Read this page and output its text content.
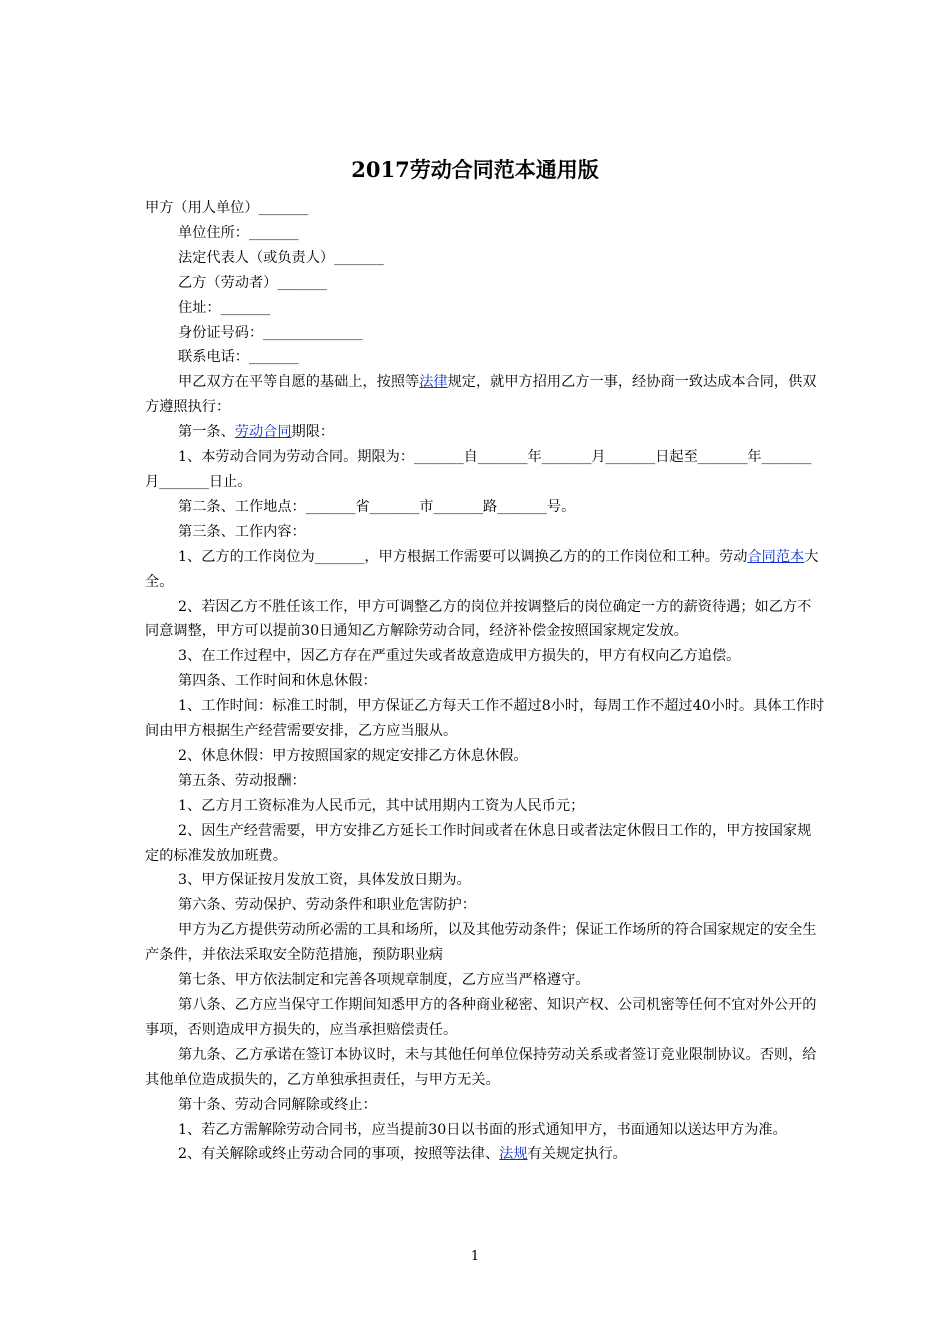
2017劳动合同范本通用版

甲方（用人单位）_______

单位住所：_______

法定代表人（或负责人）_______

乙方（劳动者）_______

住址：_______

身份证号码：______________

联系电话：_______

甲乙双方在平等自愿的基础上，按照等法律规定，就甲方招用乙方一事，经协商一致达成本合同，供双方遵照执行：

第一条、劳动合同期限：

1、本劳动合同为劳动合同。期限为：_______自_______年_______月_______日起至_______年_______月_______日止。

第二条、工作地点：_______省_______市_______路_______号。

第三条、工作内容：

1、乙方的工作岗位为_______，甲方根据工作需要可以调换乙方的的工作岗位和工种。劳动合同范本大全。

2、若因乙方不胜任该工作，甲方可调整乙方的岗位并按调整后的岗位确定一方的薪资待遇；如乙方不同意调整，甲方可以提前30日通知乙方解除劳动合同，经济补偿金按照国家规定发放。

3、在工作过程中，因乙方存在严重过失或者故意造成甲方损失的，甲方有权向乙方追偿。

第四条、工作时间和休息休假：

1、工作时间：标准工时制，甲方保证乙方每天工作不超过8小时，每周工作不超过40小时。具体工作时间由甲方根据生产经营需要安排，乙方应当服从。

2、休息休假：甲方按照国家的规定安排乙方休息休假。

第五条、劳动报酬：

1、乙方月工资标准为人民币元，其中试用期内工资为人民币元；

2、因生产经营需要，甲方安排乙方延长工作时间或者在休息日或者法定休假日工作的，甲方按国家规定的标准发放加班费。

3、甲方保证按月发放工资，具体发放日期为。

第六条、劳动保护、劳动条件和职业危害防护：

甲方为乙方提供劳动所必需的工具和场所，以及其他劳动条件；保证工作场所的符合国家规定的安全生产条件，并依法采取安全防范措施，预防职业病

第七条、甲方依法制定和完善各项规章制度，乙方应当严格遵守。

第八条、乙方应当保守工作期间知悉甲方的各种商业秘密、知识产权、公司机密等任何不宜对外公开的事项，否则造成甲方损失的，应当承担赔偿责任。

第九条、乙方承诺在签订本协议时，未与其他任何单位保持劳动关系或者签订竞业限制协议。否则，给其他单位造成损失的，乙方单独承担责任，与甲方无关。

第十条、劳动合同解除或终止：

1、若乙方需解除劳动合同书，应当提前30日以书面的形式通知甲方，书面通知以送达甲方为准。

2、有关解除或终止劳动合同的事项，按照等法律、法规有关规定执行。

1
